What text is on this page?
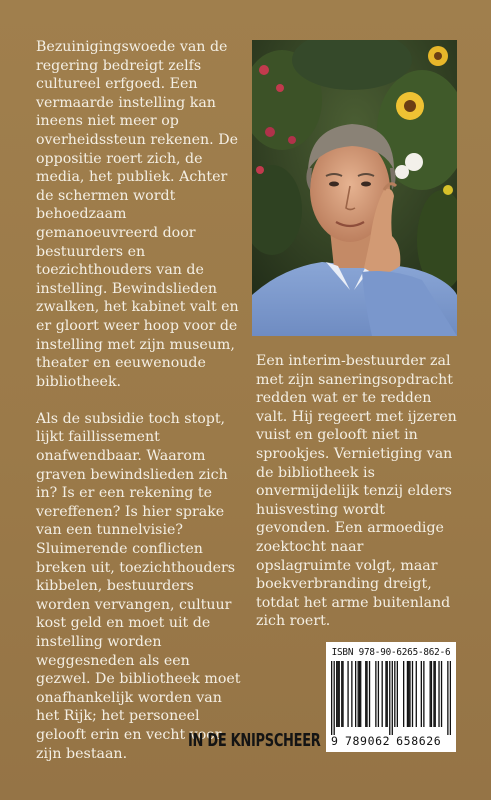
Bezuinigingswoede van de regering bedreigt zelfs cultureel erfgoed. Een vermaarde instelling kan ineens niet meer op overheidssteun rekenen. De oppositie roert zich, de media, het publiek. Achter de schermen wordt behoedzaam gemanoeuvreerd door bestuurders en toezichthouders van de instelling. Bewindslieden zwalken, het kabinet valt en er gloort weer hoop voor de instelling met zijn museum, theater en eeuwenoude bibliotheek.

Als de subsidie toch stopt, lijkt faillissement onafwendbaar. Waarom graven bewindslieden zich in? Is er een rekening te vereffenen? Is hier sprake van een tunnelvisie? Sluimerende conflicten breken uit, toezichthouders kibbelen, bestuurders worden vervangen, cultuur kost geld en moet uit de instelling worden weggesneden als een gezwel. De bibliotheek moet onafhankelijk worden van het Rijk; het personeel gelooft erin en vecht voor zijn bestaan.

Een interim-bestuurder zal met zijn saneringsopdracht redden wat er te redden valt. Hij regeert met ijzeren vuist en gelooft niet in sprookjes. Vernietiging van de bibliotheek is onvermijdelijk tenzij elders huisvesting wordt gevonden. Een armoedige zoektocht naar opslagruimte volgt, maar boekverbranding dreigt, totdat het arme buitenland zich roert.

IN DE KNIPSCHEER
ISBN 978-90-6265-862-6
9 789062 658626
